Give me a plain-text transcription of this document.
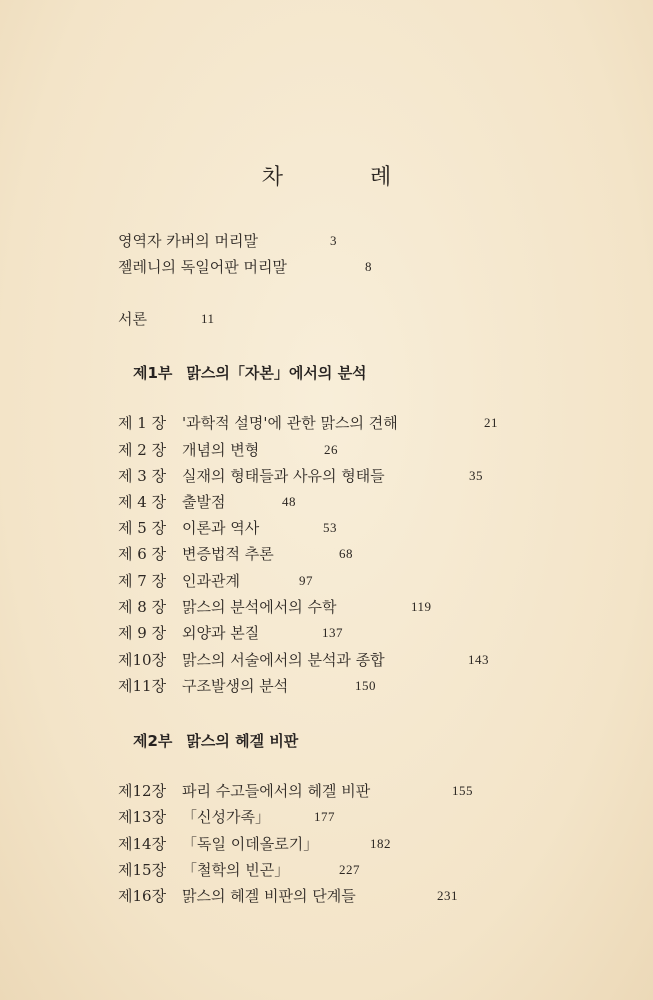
차 례
영역자 카버의 머리말	3
젤레니의 독일어판 머리말	8
서론	11
제1부 맑스의「자본」에서의 분석
제 1 장 '과학적 설명'에 관한 맑스의 견해	21
제 2 장 개념의 변형	26
제 3 장 실재의 형태들과 사유의 형태들	35
제 4 장 출발점	48
제 5 장 이론과 역사	53
제 6 장 변증법적 추론	68
제 7 장 인과관계	97
제 8 장 맑스의 분석에서의 수학	119
제 9 장 외양과 본질	137
제10장 맑스의 서술에서의 분석과 종합	143
제11장 구조발생의 분석	150
제2부 맑스의 헤겔 비판
제12장 파리 수고들에서의 헤겔 비판	155
제13장 「신성가족」	177
제14장 「독일 이데올로기」	182
제15장 「철학의 빈곤」	227
제16장 맑스의 헤겔 비판의 단계들	231
